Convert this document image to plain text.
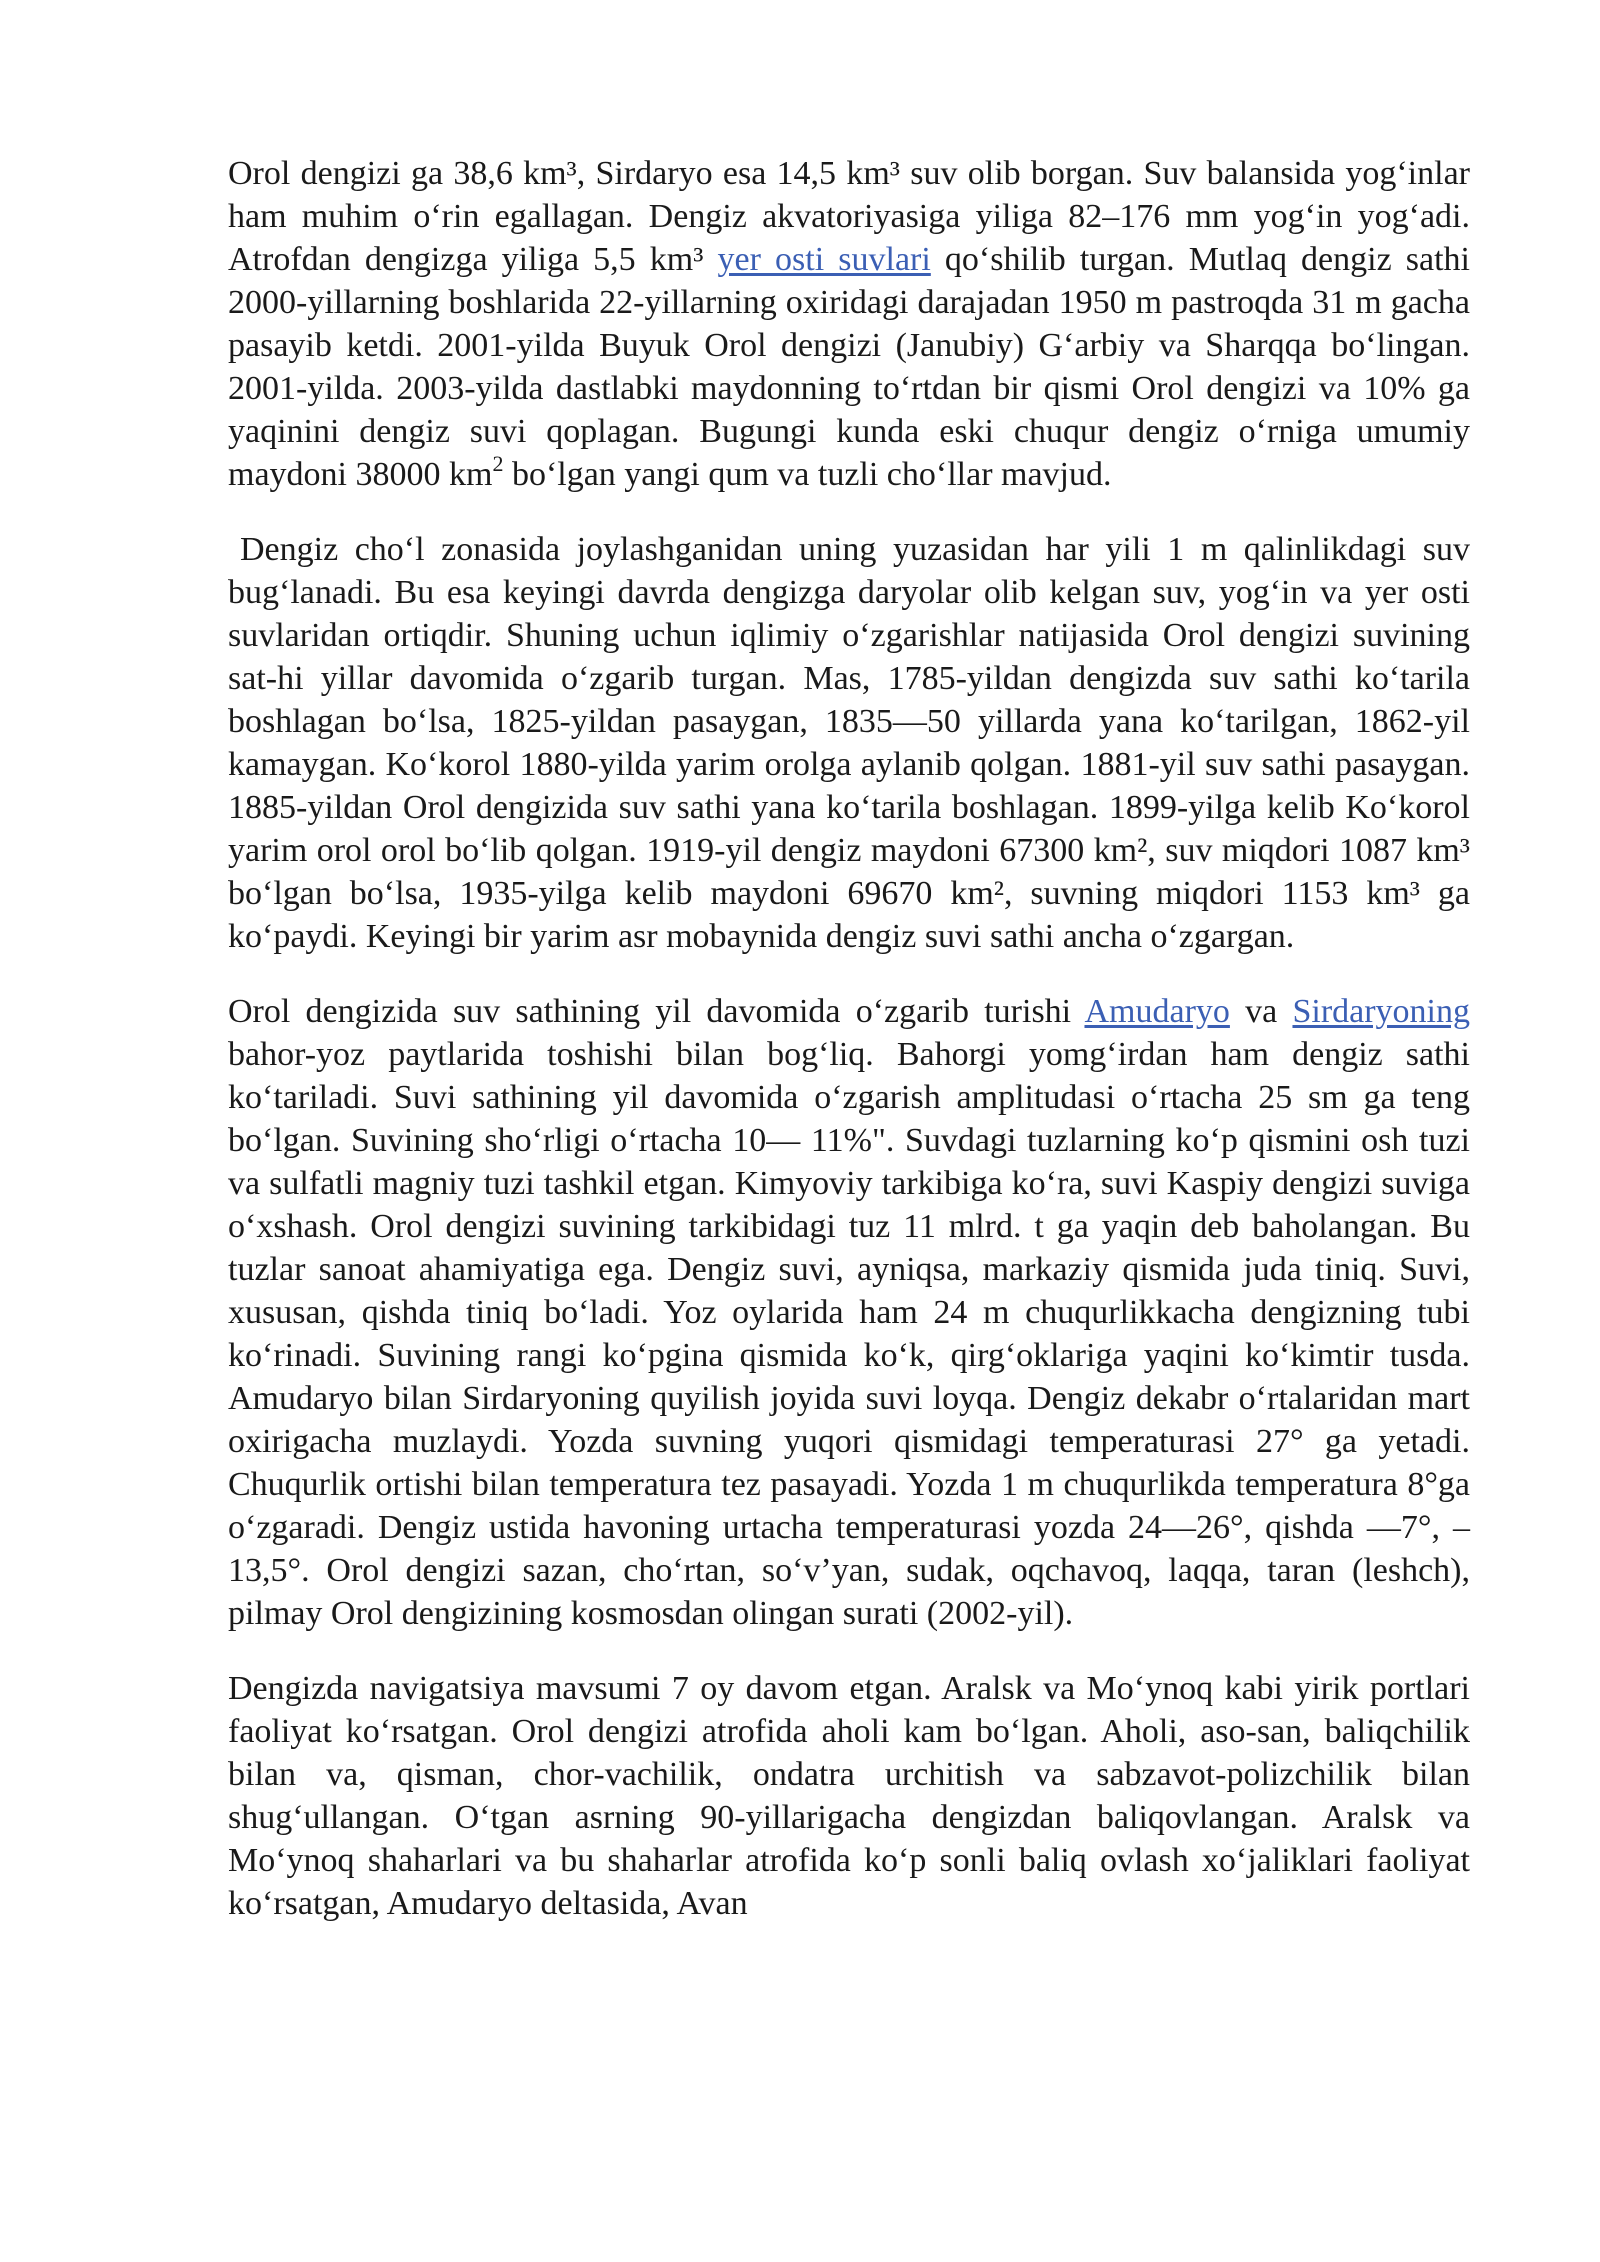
Orol dengizi ga 38,6 km³, Sirdaryo esa 14,5 km³ suv olib borgan. Suv balansida yog‘inlar ham muhim o‘rin egallagan. Dengiz akvatoriyasiga yiliga 82–176 mm yog‘in yog‘adi. Atrofdan dengizga yiliga 5,5 km³ yer osti suvlari qo‘shilib turgan. Mutlaq dengiz sathi 2000-yillarning boshlarida 22-yillarning oxiridagi darajadan 1950 m pastroqda 31 m gacha pasayib ketdi. 2001-yilda Buyuk Orol dengizi (Janubiy) G‘arbiy va Sharqqa bo‘lingan. 2001-yilda. 2003-yilda dastlabki maydonning to‘rtdan bir qismi Orol dengizi va 10% ga yaqinini dengiz suvi qoplagan. Bugungi kunda eski chuqur dengiz o‘rniga umumiy maydoni 38000 $km^2$ bo‘lgan yangi qum va tuzli cho‘llar mavjud.

Dengiz cho‘l zonasida joylashganidan uning yuzasidan har yili 1 m qalinlikdagi suv bug‘lanadi. Bu esa keyingi davrda dengizga daryolar olib kelgan suv, yog‘in va yer osti suvlaridan ortiqdir. Shuning uchun iqlimiy o‘zgarishlar natijasida Orol dengizi suvining sat-hi yillar davomida o‘zgarib turgan. Mas, 1785-yildan dengizda suv sathi ko‘tarila boshlagan bo‘lsa, 1825-yildan pasaygan, 1835—50 yillarda yana ko‘tarilgan, 1862-yil kamaygan. Ko‘korol 1880-yilda yarim orolga aylanib qolgan. 1881-yil suv sathi pasaygan. 1885-yildan Orol dengizida suv sathi yana ko‘tarila boshlagan. 1899-yilga kelib Ko‘korol yarim orol orol bo‘lib qolgan. 1919-yil dengiz maydoni 67300 km², suv miqdori 1087 km³ bo‘lgan bo‘lsa, 1935-yilga kelib maydoni 69670 km², suvning miqdori 1153 km³ ga ko‘paydi. Keyingi bir yarim asr mobaynida dengiz suvi sathi ancha o‘zgargan.

Orol dengizida suv sathining yil davomida o‘zgarib turishi Amudaryo va Sirdaryoning bahor-yoz paytlarida toshishi bilan bog‘liq. Bahorgi yomg‘irdan ham dengiz sathi ko‘tariladi. Suvi sathining yil davomida o‘zgarish amplitudasi o‘rtacha 25 sm ga teng bo‘lgan. Suvining sho‘rligi o‘rtacha 10— 11%". Suvdagi tuzlarning ko‘p qismini osh tuzi va sulfatli magniy tuzi tashkil etgan. Kimyoviy tarkibiga ko‘ra, suvi Kaspiy dengizi suviga o‘xshash. Orol dengizi suvining tarkibidagi tuz 11 mlrd. t ga yaqin deb baholangan. Bu tuzlar sanoat ahamiyatiga ega. Dengiz suvi, ayniqsa, markaziy qismida juda tiniq. Suvi, xususan, qishda tiniq bo‘ladi. Yoz oylarida ham 24 m chuqurlikkacha dengizning tubi ko‘rinadi. Suvining rangi ko‘pgina qismida ko‘k, qirg‘oklariga yaqini ko‘kimtir tusda. Amudaryo bilan Sirdaryoning quyilish joyida suvi loyqa. Dengiz dekabr o‘rtalaridan mart oxirigacha muzlaydi. Yozda suvning yuqori qismidagi temperaturasi 27° ga yetadi. Chuqurlik ortishi bilan temperatura tez pasayadi. Yozda 1 m chuqurlikda temperatura 8°ga o‘zgaradi. Dengiz ustida havoning urtacha temperaturasi yozda 24—26°, qishda —7°, – 13,5°. Orol dengizi sazan, cho‘rtan, so‘v’yan, sudak, oqchavoq, laqqa, taran (leshch), pilmay Orol dengizining kosmosdan olingan surati (2002-yil).

Dengizda navigatsiya mavsumi 7 oy davom etgan. Aralsk va Mo‘ynoq kabi yirik portlari faoliyat ko‘rsatgan. Orol dengizi atrofida aholi kam bo‘lgan. Aholi, aso-san, baliqchilik bilan va, qisman, chor-vachilik, ondatra urchitish va sabzavot-polizchilik bilan shug‘ullangan. O‘tgan asrning 90-yillarigacha dengizdan baliqovlangan. Aralsk va Mo‘ynoq shaharlari va bu shaharlar atrofida ko‘p sonli baliq ovlash xo‘jaliklari faoliyat ko‘rsatgan, Amudaryo deltasida, Avan
